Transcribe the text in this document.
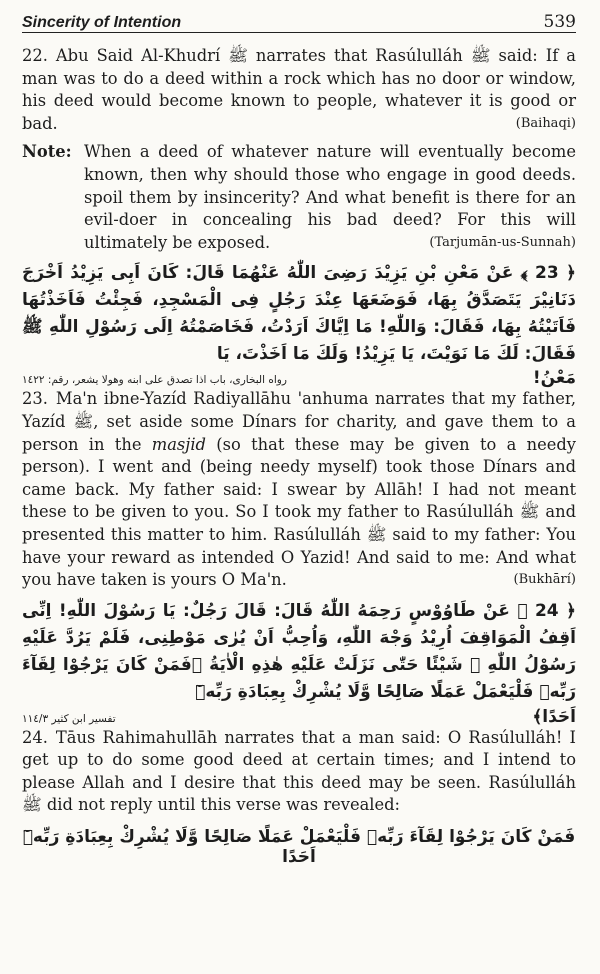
Sincerity of Intention	539

22. Abu Said Al-Khudrí ﷺ narrates that Rasúlulláh ﷺ said: If a man was to do a deed within a rock which has no door or window, his deed would become known to people, whatever it is good or bad.	(Baihaqi)

Note: When a deed of whatever nature will eventually become known, then why should those who engage in good deeds. spoil them by insincerity? And what benefit is there for an evil-doer in concealing his bad deed? For this will ultimately be exposed.	(Tarjumān-us-Sunnah)

﴿ 23 ﴾ عَنْ مَعْنِ بْنِ يَزِيْدَ رَضِىَ اللّٰهُ عَنْهُمَا قَالَ: كَانَ اَبِى يَزِيْدُ اَخْرَجَ دَنَانِيْرَ يَتَصَدَّقُ بِهَا، فَوَضَعَهَا عِنْدَ رَجُلٍ فِى الْمَسْجِدِ، فَجِئْتُ فَاَخَذْتُهَا فَاَتَيْتُهُ بِهَا، فَقَالَ: وَاللّٰهِ! مَا اِيَّاكَ اَرَدْتُ، فَخَاصَمْتُهُ اِلَى رَسُوْلِ اللّٰهِ ﷺ فَقَالَ: لَكَ مَا نَوَيْتَ، يَا يَزِيْدُ! وَلَكَ مَا اَخَذْتَ، يَا

مَعْنُ!
رواه البخارى، باب اذا تصدق على ابنه وهولا يشعر، رقم: ١٤٢٢

23. Ma'n ibne-Yazíd Radiyallāhu 'anhuma narrates that my father, Yazíd ﷺ, set aside some Dínars for charity, and gave them to a person in the masjid (so that these may be given to a needy person). I went and (being needy myself) took those Dínars and came back. My father said: I swear by Allāh! I had not meant these to be given to you. So I took my father to Rasúlulláh ﷺ and presented this matter to him. Rasúlulláh ﷺ said to my father: You have your reward as intended O Yazid! And said to me: And what you have taken is yours O Ma'n.	(Bukhārí)

﴿ 24 ﴾ عَنْ طَاوُوْسٍ رَحِمَهُ اللّٰهُ قَالَ: قَالَ رَجُلٌ: يَا رَسُوْلَ اللّٰهِ! اِنِّى اَقِفُ الْمَوَاقِفَ اُرِيْدُ وَجْهَ اللّٰهِ، وَاُحِبُّ اَنْ يُرٰى مَوْطِنِى، فَلَمْ يَرُدَّ عَلَيْهِ رَسُوْلُ اللّٰهِ ﷺ شَيْئًا حَتّٰى نَزَلَتْ عَلَيْهِ هٰذِهِ الْاٰيَةُ ﴿فَمَنْ كَانَ يَرْجُوْا لِقَآءَ رَبِّهٖ فَلْيَعْمَلْ عَمَلًا صَالِحًا وَّلَا يُشْرِكْ بِعِبَادَةِ رَبِّهٖٓ

اَحَدًا﴾
تفسير ابن كثير ١١٤/٣

24. Tāus Rahimahullāh narrates that a man said: O Rasúlulláh! I get up to do some good deed at certain times; and I intend to please Allah and I desire that this deed may be seen. Rasúlulláh ﷺ did not reply until this verse was revealed:

فَمَنْ كَانَ يَرْجُوْا لِقَآءَ رَبِّهٖ فَلْيَعْمَلْ عَمَلًا صَالِحًا وَّلَا يُشْرِكْ بِعِبَادَةِ رَبِّهٖٓ اَحَدًا
